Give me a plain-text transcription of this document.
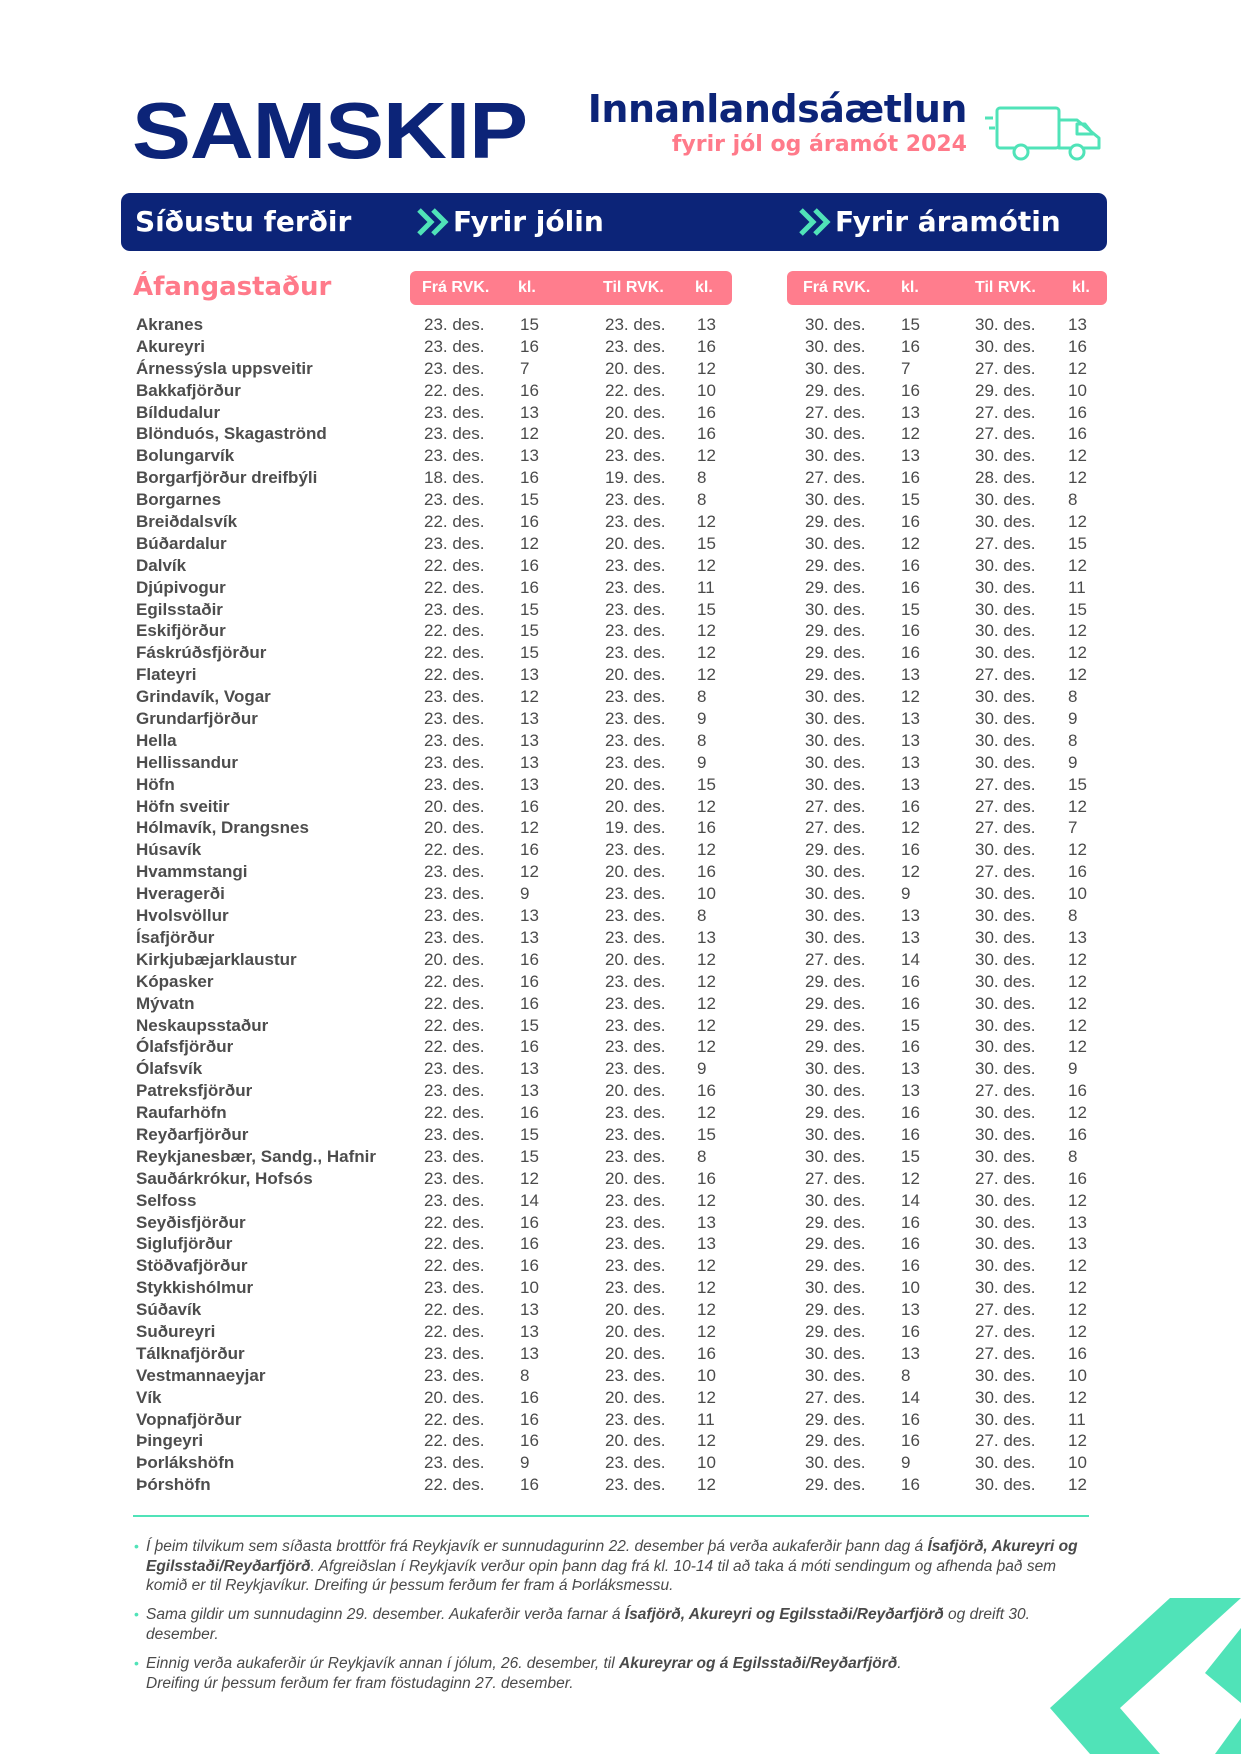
SAMSKIP Innanlandsáætlun
fyrir jól og áramót 2024
Síðustu ferðir	Fyrir jólin	Fyrir áramótin
Áfangastaður	Frá RVK. kl.	Til RVK. kl.	Frá RVK. kl.	Til RVK. kl.
Akranes	23. des. 15	23. des. 13	30. des. 15	30. des. 13
Akureyri	23. des. 16	23. des. 16	30. des. 16	30. des. 16
Árnessýsla uppsveitir	23. des. 7	20. des. 12	30. des. 7	27. des. 12
Bakkafjörður	22. des. 16	22. des. 10	29. des. 16	29. des. 10
Bíldudalur	23. des. 13	20. des. 16	27. des. 13	27. des. 16
Blönduós, Skagaströnd	23. des. 12	20. des. 16	30. des. 12	27. des. 16
Bolungarvík	23. des. 13	23. des. 12	30. des. 13	30. des. 12
Borgarfjörður dreifbýli	18. des. 16	19. des. 8	27. des. 16	28. des. 12
Borgarnes	23. des. 15	23. des. 8	30. des. 15	30. des. 8
Breiðdalsvík	22. des. 16	23. des. 12	29. des. 16	30. des. 12
Búðardalur	23. des. 12	20. des. 15	30. des. 12	27. des. 15
Dalvík	22. des. 16	23. des. 12	29. des. 16	30. des. 12
Djúpivogur	22. des. 16	23. des. 11	29. des. 16	30. des. 11
Egilsstaðir	23. des. 15	23. des. 15	30. des. 15	30. des. 15
Eskifjörður	22. des. 15	23. des. 12	29. des. 16	30. des. 12
Fáskrúðsfjörður	22. des. 15	23. des. 12	29. des. 16	30. des. 12
Flateyri	22. des. 13	20. des. 12	29. des. 13	27. des. 12
Grindavík, Vogar	23. des. 12	23. des. 8	30. des. 12	30. des. 8
Grundarfjörður	23. des. 13	23. des. 9	30. des. 13	30. des. 9
Hella	23. des. 13	23. des. 8	30. des. 13	30. des. 8
Hellissandur	23. des. 13	23. des. 9	30. des. 13	30. des. 9
Höfn	23. des. 13	20. des. 15	30. des. 13	27. des. 15
Höfn sveitir	20. des. 16	20. des. 12	27. des. 16	27. des. 12
Hólmavík, Drangsnes	20. des. 12	19. des. 16	27. des. 12	27. des. 7
Húsavík	22. des. 16	23. des. 12	29. des. 16	30. des. 12
Hvammstangi	23. des. 12	20. des. 16	30. des. 12	27. des. 16
Hveragerði	23. des. 9	23. des. 10	30. des. 9	30. des. 10
Hvolsvöllur	23. des. 13	23. des. 8	30. des. 13	30. des. 8
Ísafjörður	23. des. 13	23. des. 13	30. des. 13	30. des. 13
Kirkjubæjarklaustur	20. des. 16	20. des. 12	27. des. 14	30. des. 12
Kópasker	22. des. 16	23. des. 12	29. des. 16	30. des. 12
Mývatn	22. des. 16	23. des. 12	29. des. 16	30. des. 12
Neskaupsstaður	22. des. 15	23. des. 12	29. des. 15	30. des. 12
Ólafsfjörður	22. des. 16	23. des. 12	29. des. 16	30. des. 12
Ólafsvík	23. des. 13	23. des. 9	30. des. 13	30. des. 9
Patreksfjörður	23. des. 13	20. des. 16	30. des. 13	27. des. 16
Raufarhöfn	22. des. 16	23. des. 12	29. des. 16	30. des. 12
Reyðarfjörður	23. des. 15	23. des. 15	30. des. 16	30. des. 16
Reykjanesbær, Sandg., Hafnir	23. des. 15	23. des. 8	30. des. 15	30. des. 8
Sauðárkrókur, Hofsós	23. des. 12	20. des. 16	27. des. 12	27. des. 16
Selfoss	23. des. 14	23. des. 12	30. des. 14	30. des. 12
Seyðisfjörður	22. des. 16	23. des. 13	29. des. 16	30. des. 13
Siglufjörður	22. des. 16	23. des. 13	29. des. 16	30. des. 13
Stöðvafjörður	22. des. 16	23. des. 12	29. des. 16	30. des. 12
Stykkishólmur	23. des. 10	23. des. 12	30. des. 10	30. des. 12
Súðavík	22. des. 13	20. des. 12	29. des. 13	27. des. 12
Suðureyri	22. des. 13	20. des. 12	29. des. 16	27. des. 12
Tálknafjörður	23. des. 13	20. des. 16	30. des. 13	27. des. 16
Vestmannaeyjar	23. des. 8	23. des. 10	30. des. 8	30. des. 10
Vík	20. des. 16	20. des. 12	27. des. 14	30. des. 12
Vopnafjörður	22. des. 16	23. des. 11	29. des. 16	30. des. 11
Þingeyri	22. des. 16	20. des. 12	29. des. 16	27. des. 12
Þorlákshöfn	23. des. 9	23. des. 10	30. des. 9	30. des. 10
Þórshöfn	22. des. 16	23. des. 12	29. des. 16	30. des. 12
• Í þeim tilvikum sem síðasta brottför frá Reykjavík er sunnudagurinn 22. desember þá verða aukaferðir þann dag á Ísafjörð, Akureyri og Egilsstaði/Reyðarfjörð. Afgreiðslan í Reykjavík verður opin þann dag frá kl. 10-14 til að taka á móti sendingum og afhenda það sem komið er til Reykjavíkur. Dreifing úr þessum ferðum fer fram á Þorláksmessu.
• Sama gildir um sunnudaginn 29. desember. Aukaferðir verða farnar á Ísafjörð, Akureyri og Egilsstaði/Reyðarfjörð og dreift 30. desember.
• Einnig verða aukaferðir úr Reykjavík annan í jólum, 26. desember, til Akureyrar og á Egilsstaði/Reyðarfjörð.
Dreifing úr þessum ferðum fer fram föstudaginn 27. desember.
